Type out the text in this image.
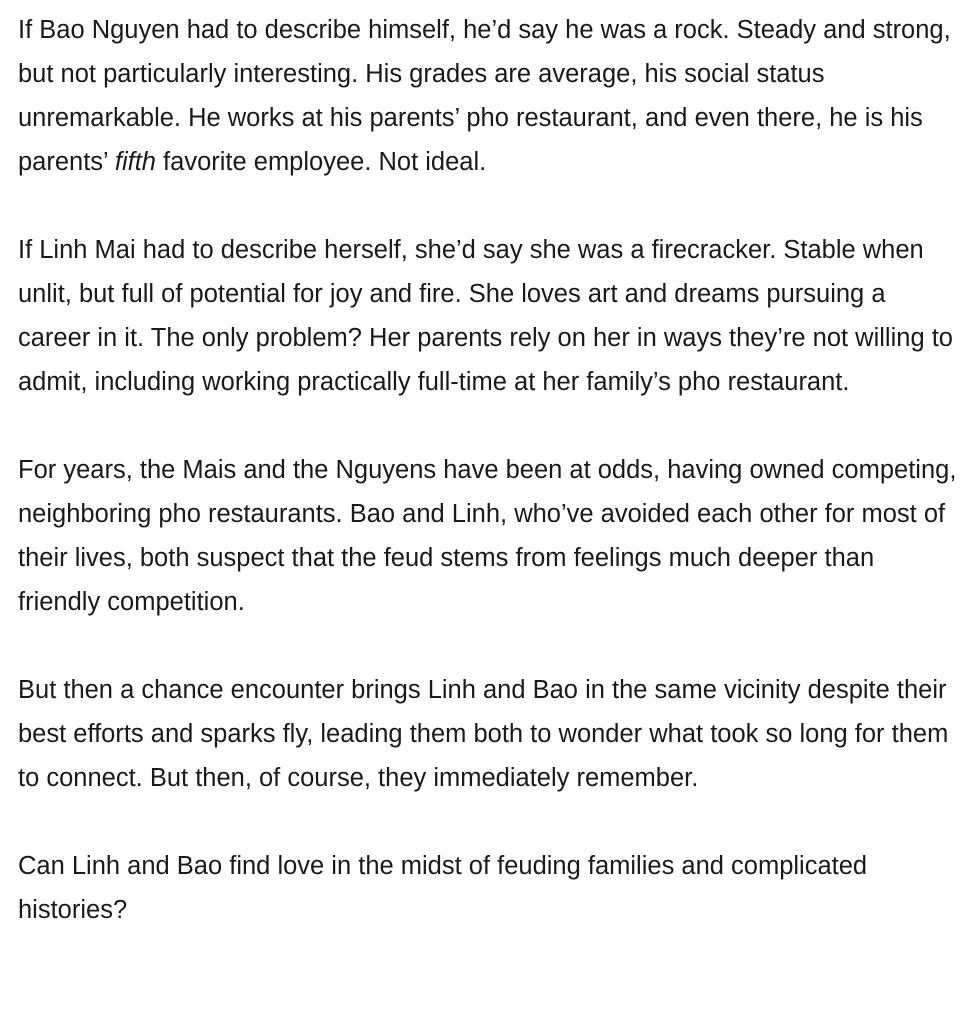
If Bao Nguyen had to describe himself, he’d say he was a rock. Steady and strong, but not particularly interesting. His grades are average, his social status unremarkable. He works at his parents’ pho restaurant, and even there, he is his parents’ fifth favorite employee. Not ideal.

If Linh Mai had to describe herself, she’d say she was a firecracker. Stable when unlit, but full of potential for joy and fire. She loves art and dreams pursuing a career in it. The only problem? Her parents rely on her in ways they’re not willing to admit, including working practically full-time at her family’s pho restaurant.

For years, the Mais and the Nguyens have been at odds, having owned competing, neighboring pho restaurants. Bao and Linh, who’ve avoided each other for most of their lives, both suspect that the feud stems from feelings much deeper than friendly competition.

But then a chance encounter brings Linh and Bao in the same vicinity despite their best efforts and sparks fly, leading them both to wonder what took so long for them to connect. But then, of course, they immediately remember.

Can Linh and Bao find love in the midst of feuding families and complicated histories?
